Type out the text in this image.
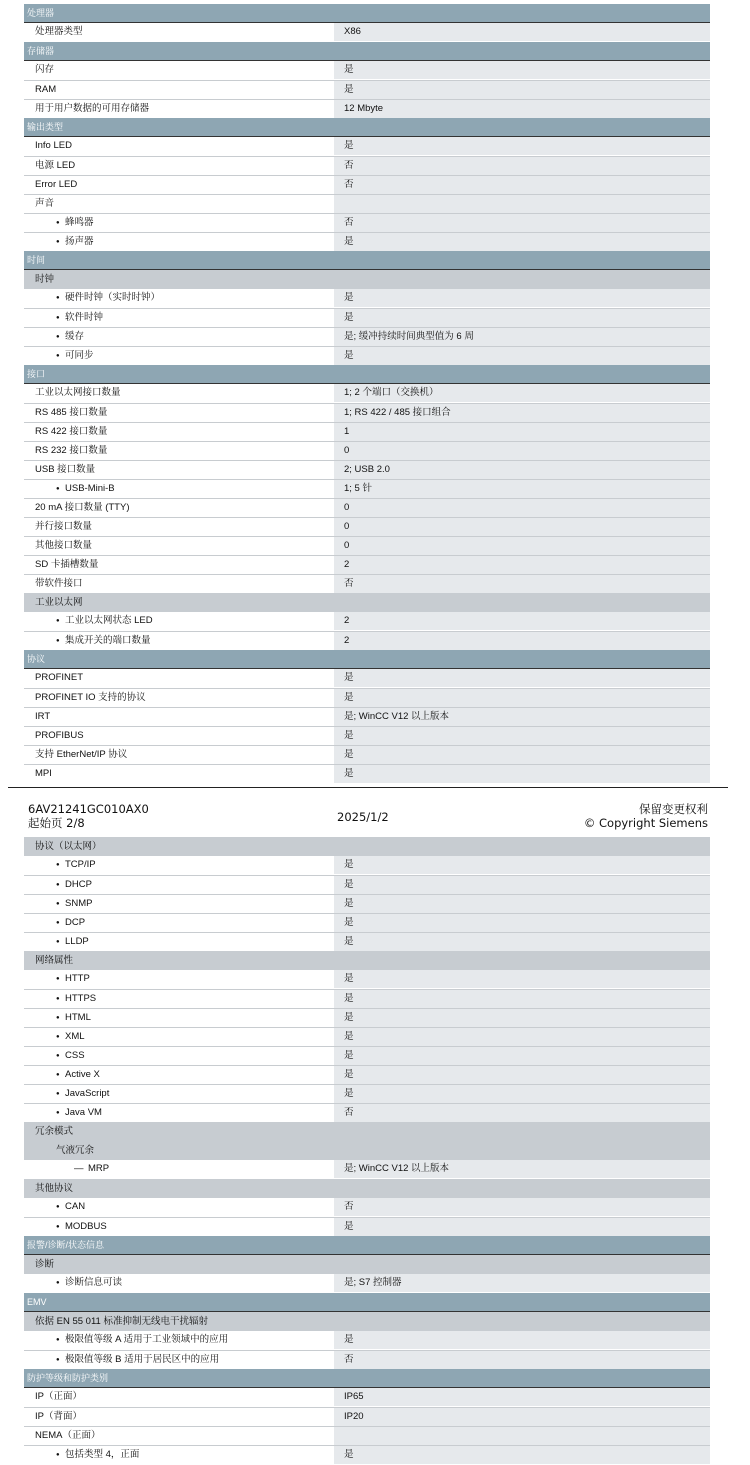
处理器
处理器类型	X86
存储器
闪存	是
RAM	是
用于用户数据的可用存储器	12 Mbyte
输出类型
Info LED	是
电源 LED	否
Error LED	否
声音
● 蜂鸣器	否
● 扬声器	是
时间
时钟
● 硬件时钟（实时时钟）	是
● 软件时钟	是
● 缓存	是; 缓冲持续时间典型值为 6 周
● 可同步	是
接口
工业以太网接口数量	1; 2 个端口（交换机）
RS 485 接口数量	1; RS 422 / 485 接口组合
RS 422 接口数量	1
RS 232 接口数量	0
USB 接口数量	2; USB 2.0
● USB-Mini-B	1; 5 针
20 mA 接口数量 (TTY)	0
并行接口数量	0
其他接口数量	0
SD 卡插槽数量	2
带软件接口	否
工业以太网
● 工业以太网状态 LED	2
● 集成开关的端口数量	2
协议
PROFINET	是
PROFINET IO 支持的协议	是
IRT	是; WinCC V12 以上版本
PROFIBUS	是
支持 EtherNet/IP 协议	是
MPI	是
6AV21241GC010AX0
起始页 2/8	2025/1/2
保留变更权利
© Copyright Siemens
协议（以太网）
● TCP/IP	是
● DHCP	是
● SNMP	是
● DCP	是
● LLDP	是
网络属性
● HTTP	是
● HTTPS	是
● HTML	是
● XML	是
● CSS	是
● Active X	是
● JavaScript	是
● Java VM	否
冗余模式
气液冗余
— MRP	是; WinCC V12 以上版本
其他协议
● CAN	否
● MODBUS	是
报警/诊断/状态信息
诊断
● 诊断信息可读	是; S7 控制器
EMV
依据 EN 55 011 标准抑制无线电干扰辐射
● 极限值等级 A 适用于工业领域中的应用	是
● 极限值等级 B 适用于居民区中的应用	否
防护等级和防护类别
IP（正面）	IP65
IP（背面）	IP20
NEMA（正面）
● 包括类型 4，正面	是
